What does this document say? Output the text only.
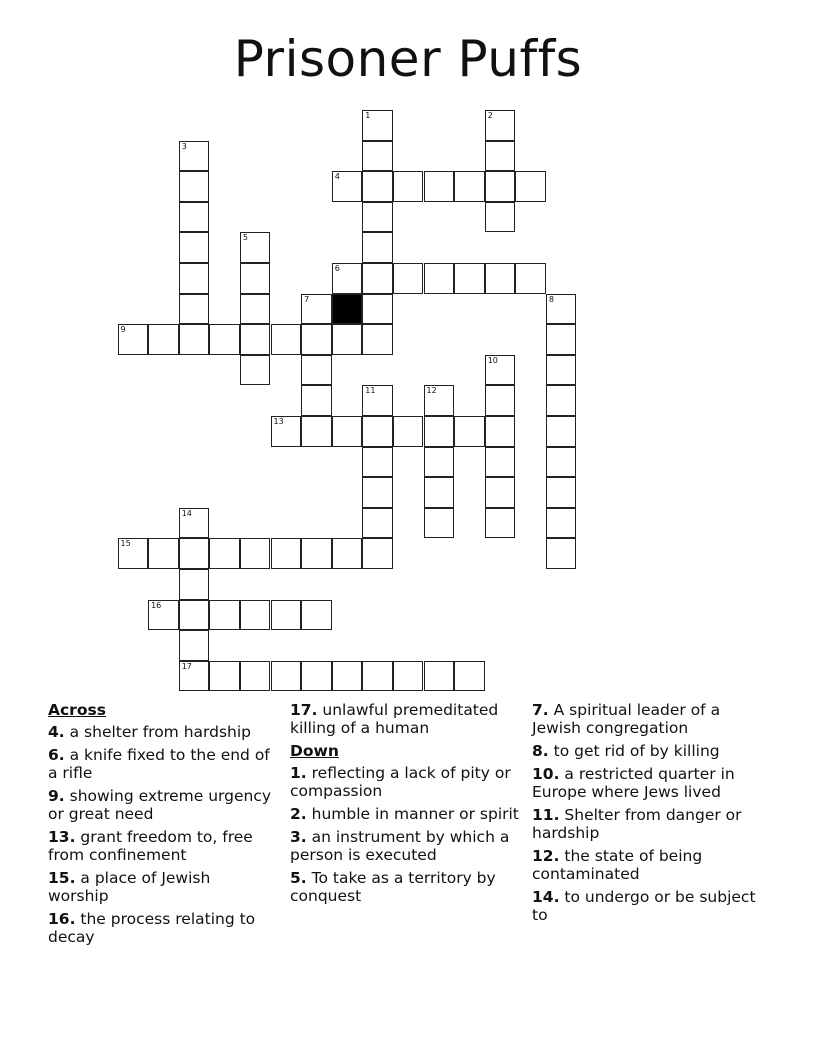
Prisoner Puffs
1	2
3
4
5
6
7	8
9
10
11	12
13
14
15
16
17
Across
4. a shelter from hardship
6. a knife fixed to the end of a rifle
9. showing extreme urgency or great need
13. grant freedom to, free from confinement
15. a place of Jewish worship
16. the process relating to decay
17. unlawful premeditated killing of a human
Down
1. reflecting a lack of pity or compassion
2. humble in manner or spirit
3. an instrument by which a person is executed
5. To take as a territory by conquest
7. A spiritual leader of a Jewish congregation
8. to get rid of by killing
10. a restricted quarter in Europe where Jews lived
11. Shelter from danger or hardship
12. the state of being contaminated
14. to undergo or be subject to
